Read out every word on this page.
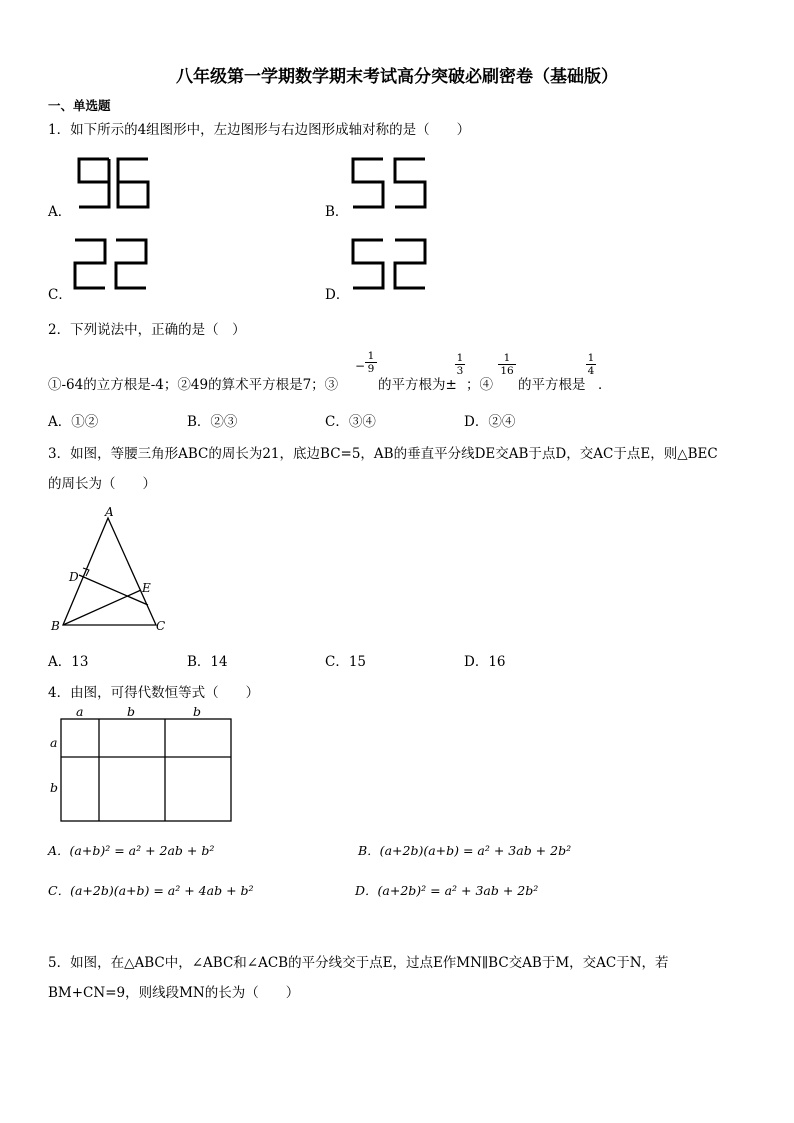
八年级第一学期数学期末考试高分突破必刷密卷（基础版）
一、单选题
1．如下所示的4组图形中，左边图形与右边图形成轴对称的是（　　）
A．	B．
C．	D．
2．下列说法中，正确的是（　）
①-64的立方根是-4；②49的算术平方根是7；③
− $\frac{1}{9}$
的平方根为±
$\frac{1}{3}$
；④
$\frac{1}{16}$
的平方根是
$\frac{1}{4}$
．
A．①②	B．②③	C．③④	D．②④
3．如图，等腰三角形ABC的周长为21，底边BC=5，AB的垂直平分线DE交AB于点D，交AC于点E，则△BEC
的周长为（　　）
A
D
E
B	C
A．13	B．14	C．15	D．16
4．由图，可得代数恒等式（　　）
a	b	b
a
b
A．(a+b)² = a² + 2ab + b²	B．(a+2b)(a+b) = a² + 3ab + 2b²
C．(a+2b)(a+b) = a² + 4ab + b²	D．(a+2b)² = a² + 3ab + 2b²
5．如图，在△ABC中，∠ABC和∠ACB的平分线交于点E，过点E作MN∥BC交AB于M，交AC于N，若
BM+CN=9，则线段MN的长为（　　）
